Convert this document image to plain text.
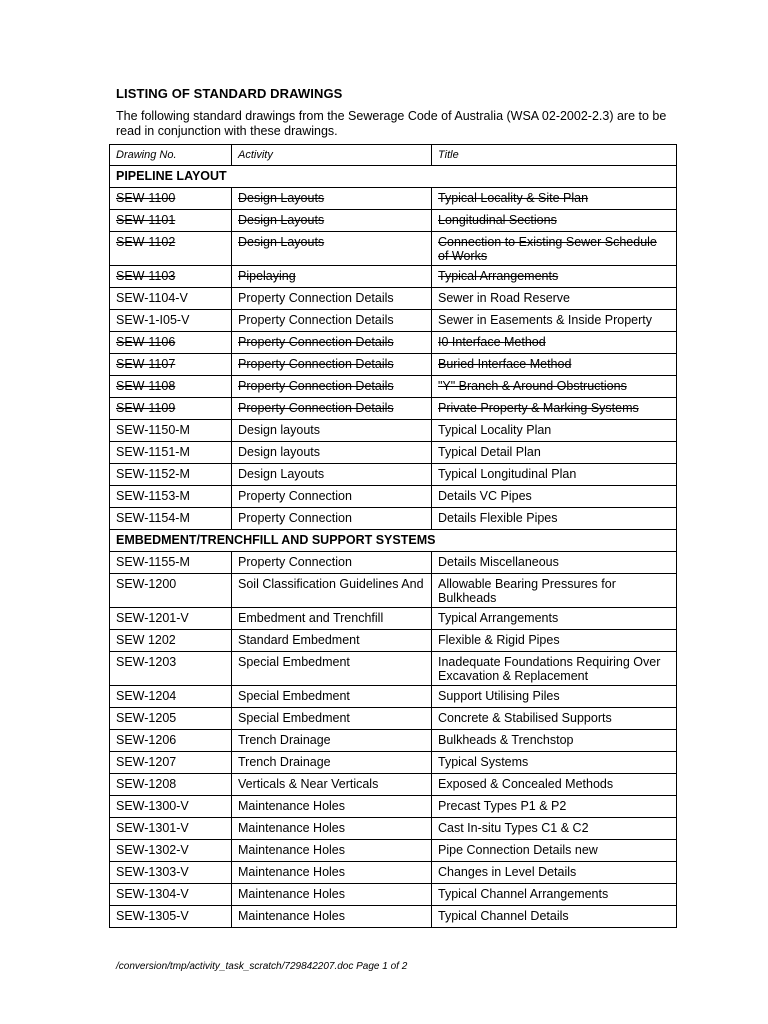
LISTING OF STANDARD DRAWINGS
The following standard drawings from the Sewerage Code of Australia (WSA 02-2002-2.3) are to be read in conjunction with these drawings.
Drawing No.	Activity	Title
PIPELINE LAYOUT		
SEW-1100	Design Layouts	Typical Locality & Site Plan
SEW-1101	Design Layouts	Longitudinal Sections
SEW-1102	Design Layouts	Connection to Existing Sewer Schedule of Works
SEW-1103	Pipelaying	Typical Arrangements
SEW-1104-V	Property Connection Details	Sewer in Road Reserve
SEW-1-I05-V	Property Connection Details	Sewer in Easements & Inside Property
SEW-1106	Property Connection Details	I0 Interface Method
SEW-1107	Property Connection Details	Buried Interface Method
SEW-1108	Property Connection Details	"Y" Branch & Around Obstructions
SEW-1109	Property Connection Details	Private Property & Marking Systems
SEW-1150-M	Design layouts	Typical Locality Plan
SEW-1151-M	Design layouts	Typical Detail Plan
SEW-1152-M	Design Layouts	Typical Longitudinal Plan
SEW-1153-M	Property Connection	Details VC Pipes
SEW-1154-M	Property Connection	Details Flexible Pipes
EMBEDMENT/TRENCHFILL AND SUPPORT SYSTEMS		
SEW-1155-M	Property Connection	Details Miscellaneous
SEW-1200	Soil Classification Guidelines And	Allowable Bearing Pressures for Bulkheads
SEW-1201-V	Embedment and Trenchfill	Typical Arrangements
SEW 1202	Standard Embedment	Flexible & Rigid Pipes
SEW-1203	Special Embedment	Inadequate Foundations Requiring Over Excavation & Replacement
SEW-1204	Special Embedment	Support Utilising Piles
SEW-1205	Special Embedment	Concrete & Stabilised Supports
SEW-1206	Trench Drainage	Bulkheads & Trenchstop
SEW-1207	Trench Drainage	Typical Systems
SEW-1208	Verticals & Near Verticals	Exposed & Concealed Methods
SEW-1300-V	Maintenance Holes	Precast Types P1 & P2
SEW-1301-V	Maintenance Holes	Cast In-situ Types C1 & C2
SEW-1302-V	Maintenance Holes	Pipe Connection Details new
SEW-1303-V	Maintenance Holes	Changes in Level Details
SEW-1304-V	Maintenance Holes	Typical Channel Arrangements
SEW-1305-V	Maintenance Holes	Typical Channel Details
/conversion/tmp/activity_task_scratch/729842207.doc Page 1 of 2
